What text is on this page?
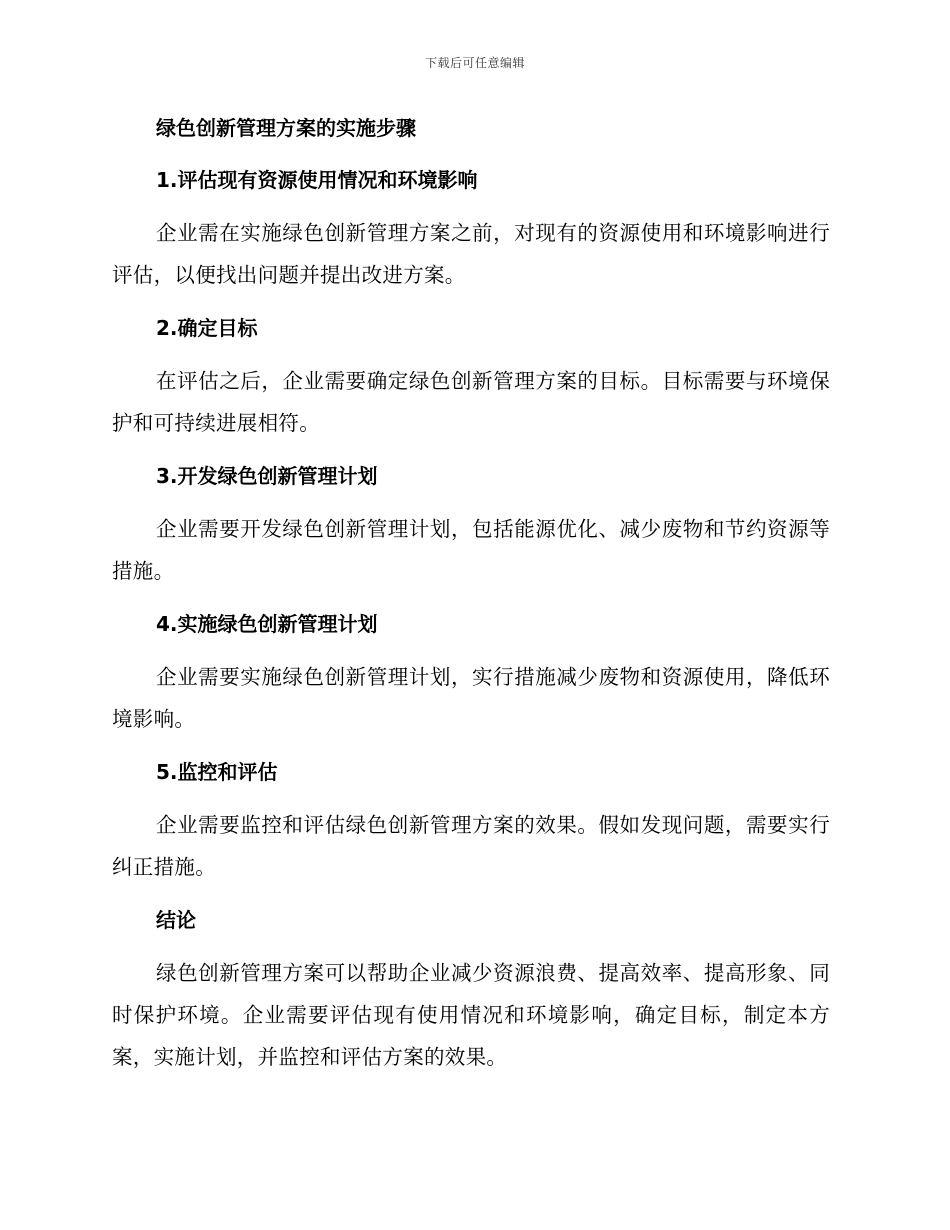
下载后可任意编辑
绿色创新管理方案的实施步骤
1.评估现有资源使用情况和环境影响
企业需在实施绿色创新管理方案之前，对现有的资源使用和环境影响进行评估，以便找出问题并提出改进方案。
2.确定目标
在评估之后，企业需要确定绿色创新管理方案的目标。目标需要与环境保护和可持续进展相符。
3.开发绿色创新管理计划
企业需要开发绿色创新管理计划，包括能源优化、减少废物和节约资源等措施。
4.实施绿色创新管理计划
企业需要实施绿色创新管理计划，实行措施减少废物和资源使用，降低环境影响。
5.监控和评估
企业需要监控和评估绿色创新管理方案的效果。假如发现问题，需要实行纠正措施。
结论
绿色创新管理方案可以帮助企业减少资源浪费、提高效率、提高形象、同时保护环境。企业需要评估现有使用情况和环境影响，确定目标，制定本方案，实施计划，并监控和评估方案的效果。
